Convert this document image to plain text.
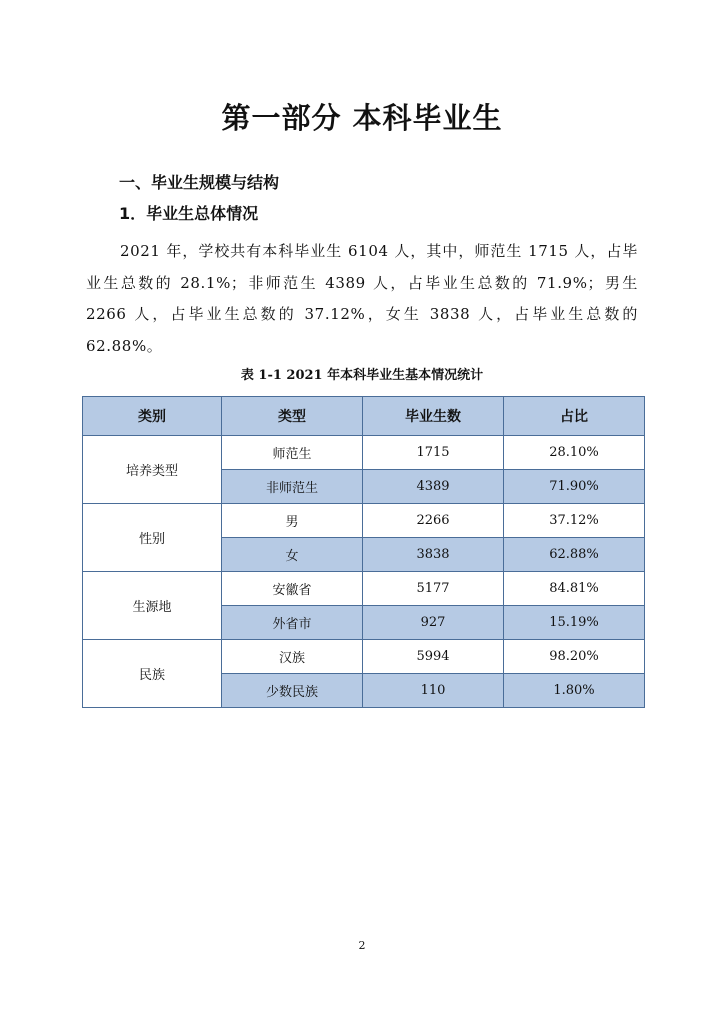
第一部分 本科毕业生
一、毕业生规模与结构
1．毕业生总体情况

2021 年，学校共有本科毕业生 6104 人，其中，师范生 1715 人，占毕业生总数的 28.1%；非师范生 4389 人，占毕业生总数的 71.9%；男生 2266 人，占毕业生总数的 37.12%，女生 3838 人，占毕业生总数的 62.88%。

表 1-1 2021 年本科毕业生基本情况统计
类别	类型	毕业生数	占比
培养类型	师范生	1715	28.10%
	非师范生	4389	71.90%
性别	男	2266	37.12%
	女	3838	62.88%
生源地	安徽省	5177	84.81%
	外省市	927	15.19%
民族	汉族	5994	98.20%
	少数民族	110	1.80%
2
